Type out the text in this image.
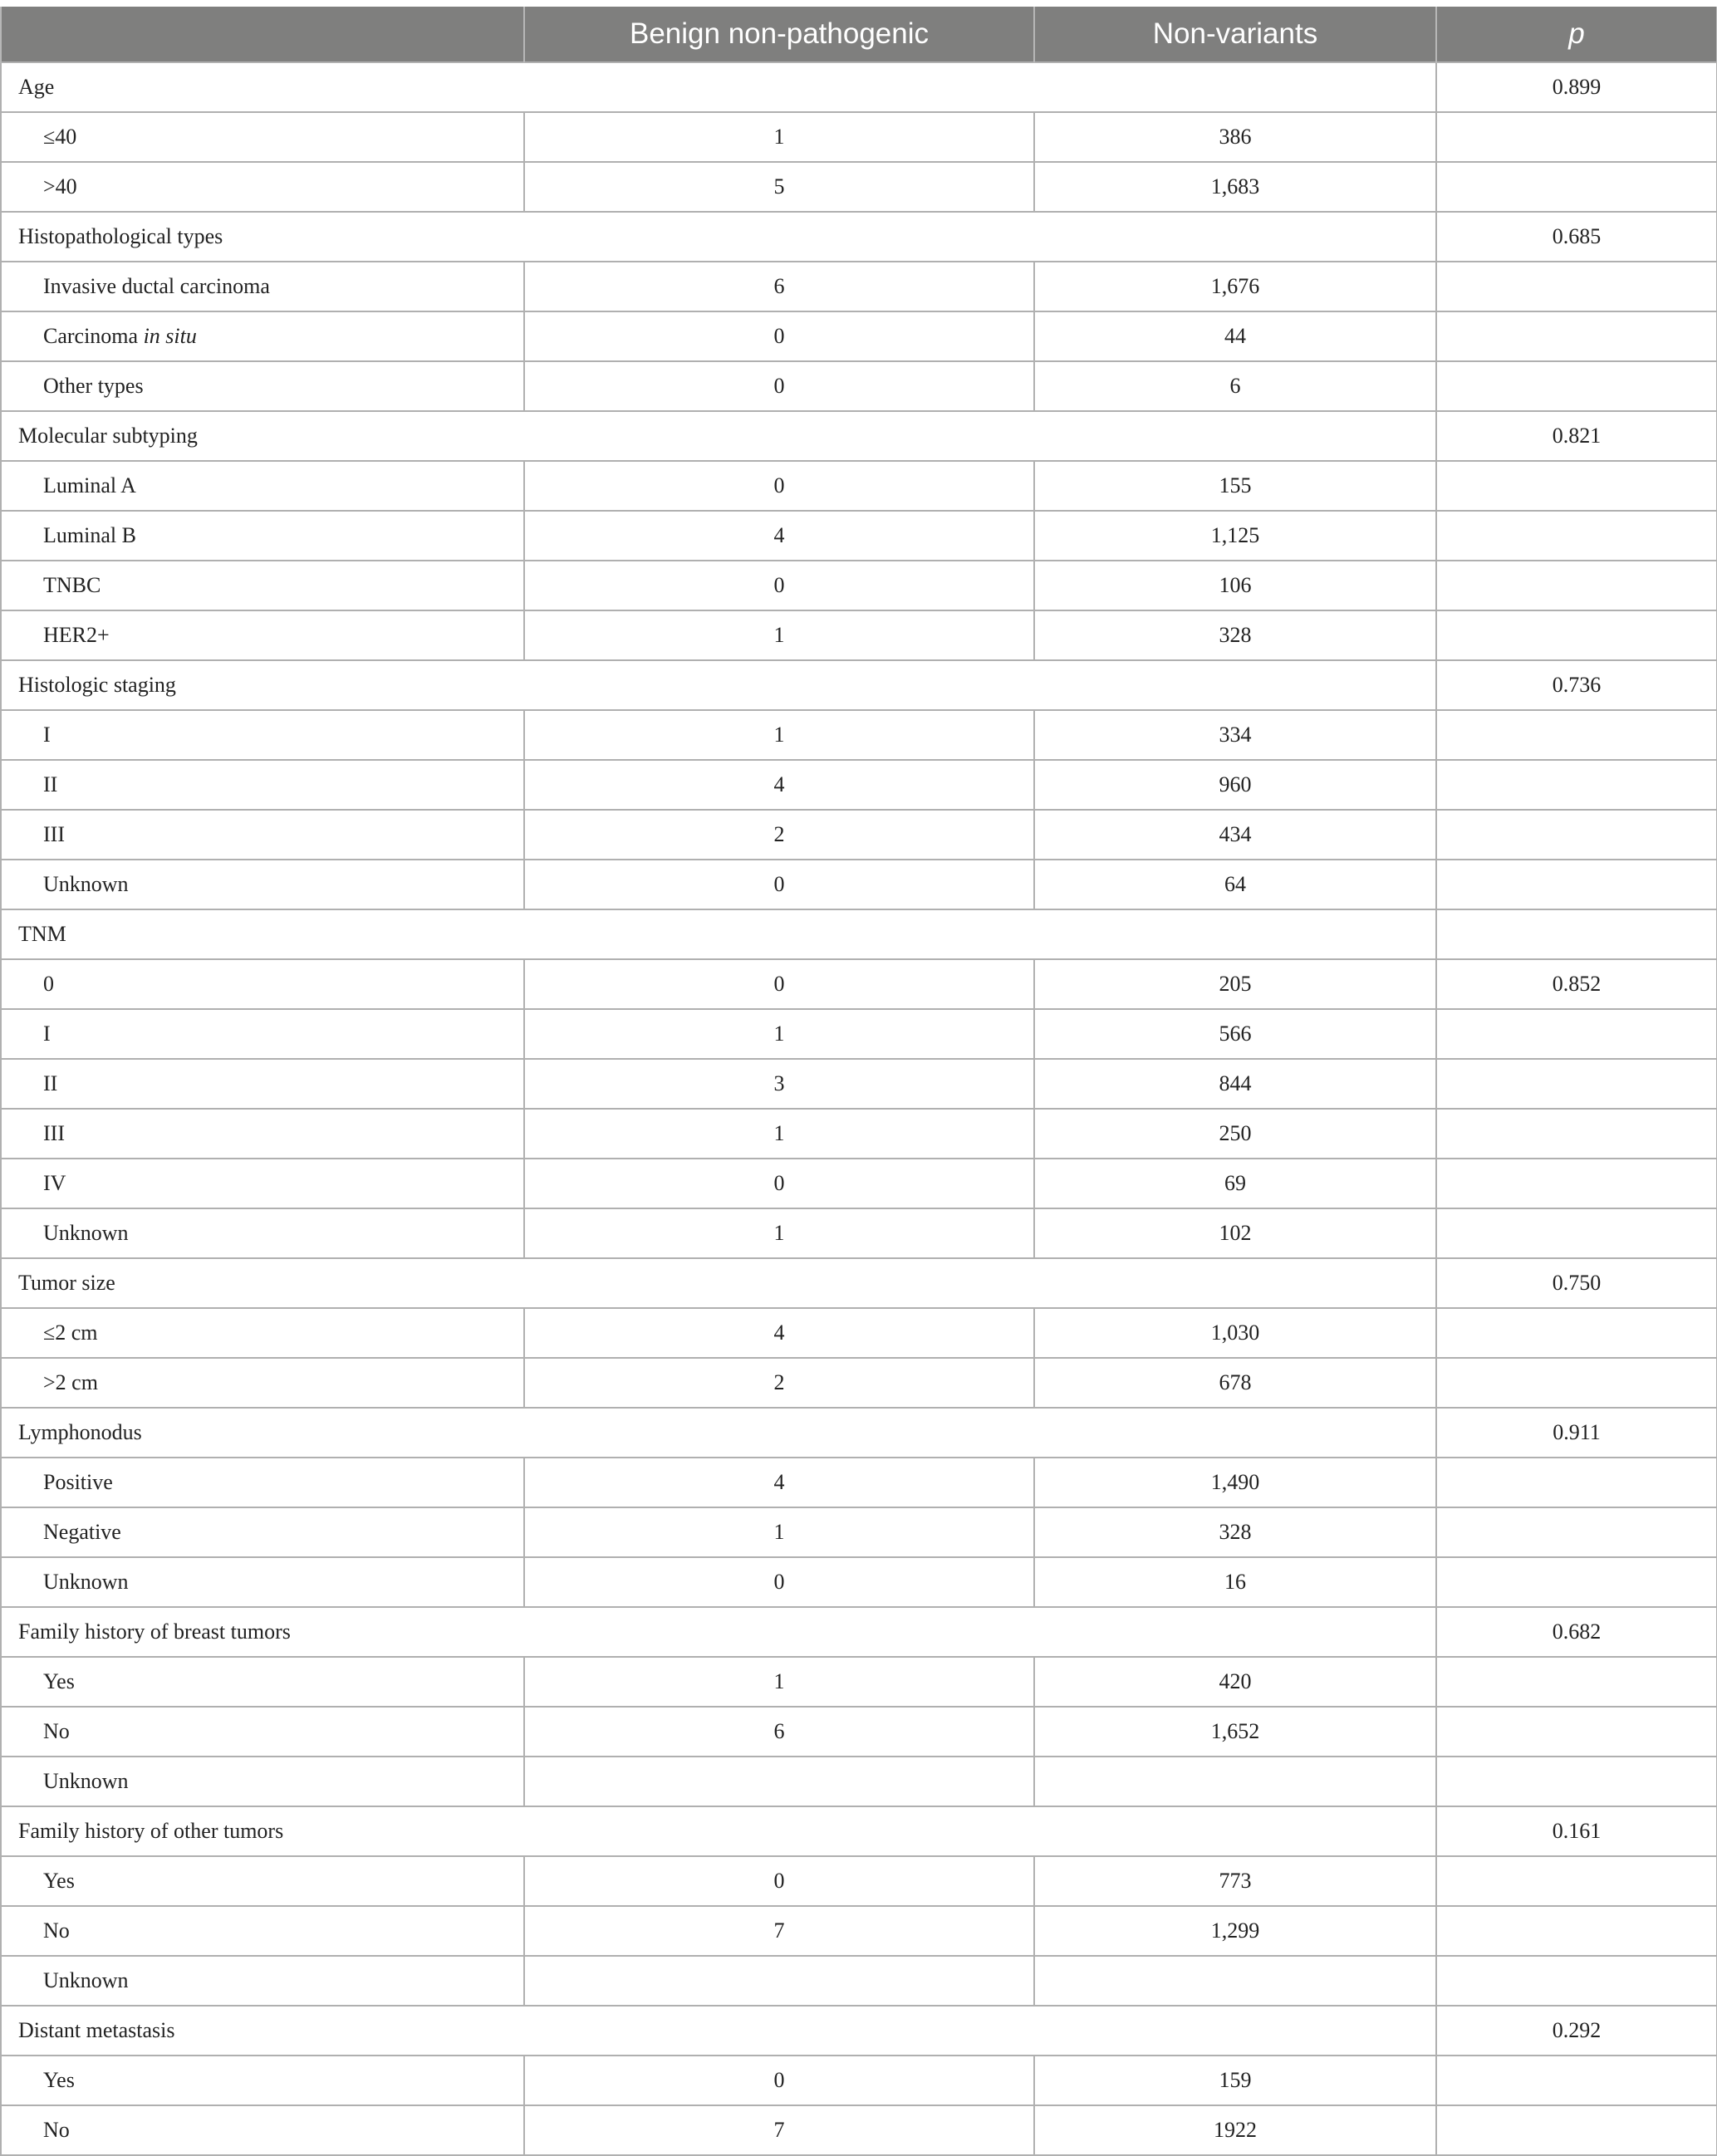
	Benign non-pathogenic	Non-variants	p
Age			0.899
≤40	1	386	
>40	5	1,683	
Histopathological types			0.685
Invasive ductal carcinoma	6	1,676	
Carcinoma in situ	0	44	
Other types	0	6	
Molecular subtyping			0.821
Luminal A	0	155	
Luminal B	4	1,125	
TNBC	0	106	
HER2+	1	328	
Histologic staging			0.736
I	1	334	
II	4	960	
III	2	434	
Unknown	0	64	
TNM			
0	0	205	0.852
I	1	566	
II	3	844	
III	1	250	
IV	0	69	
Unknown	1	102	
Tumor size			0.750
≤2 cm	4	1,030	
>2 cm	2	678	
Lymphonodus			0.911
Positive	4	1,490	
Negative	1	328	
Unknown	0	16	
Family history of breast tumors			0.682
Yes	1	420	
No	6	1,652	
Unknown			
Family history of other tumors			0.161
Yes	0	773	
No	7	1,299	
Unknown			
Distant metastasis			0.292
Yes	0	159	
No	7	1922	
